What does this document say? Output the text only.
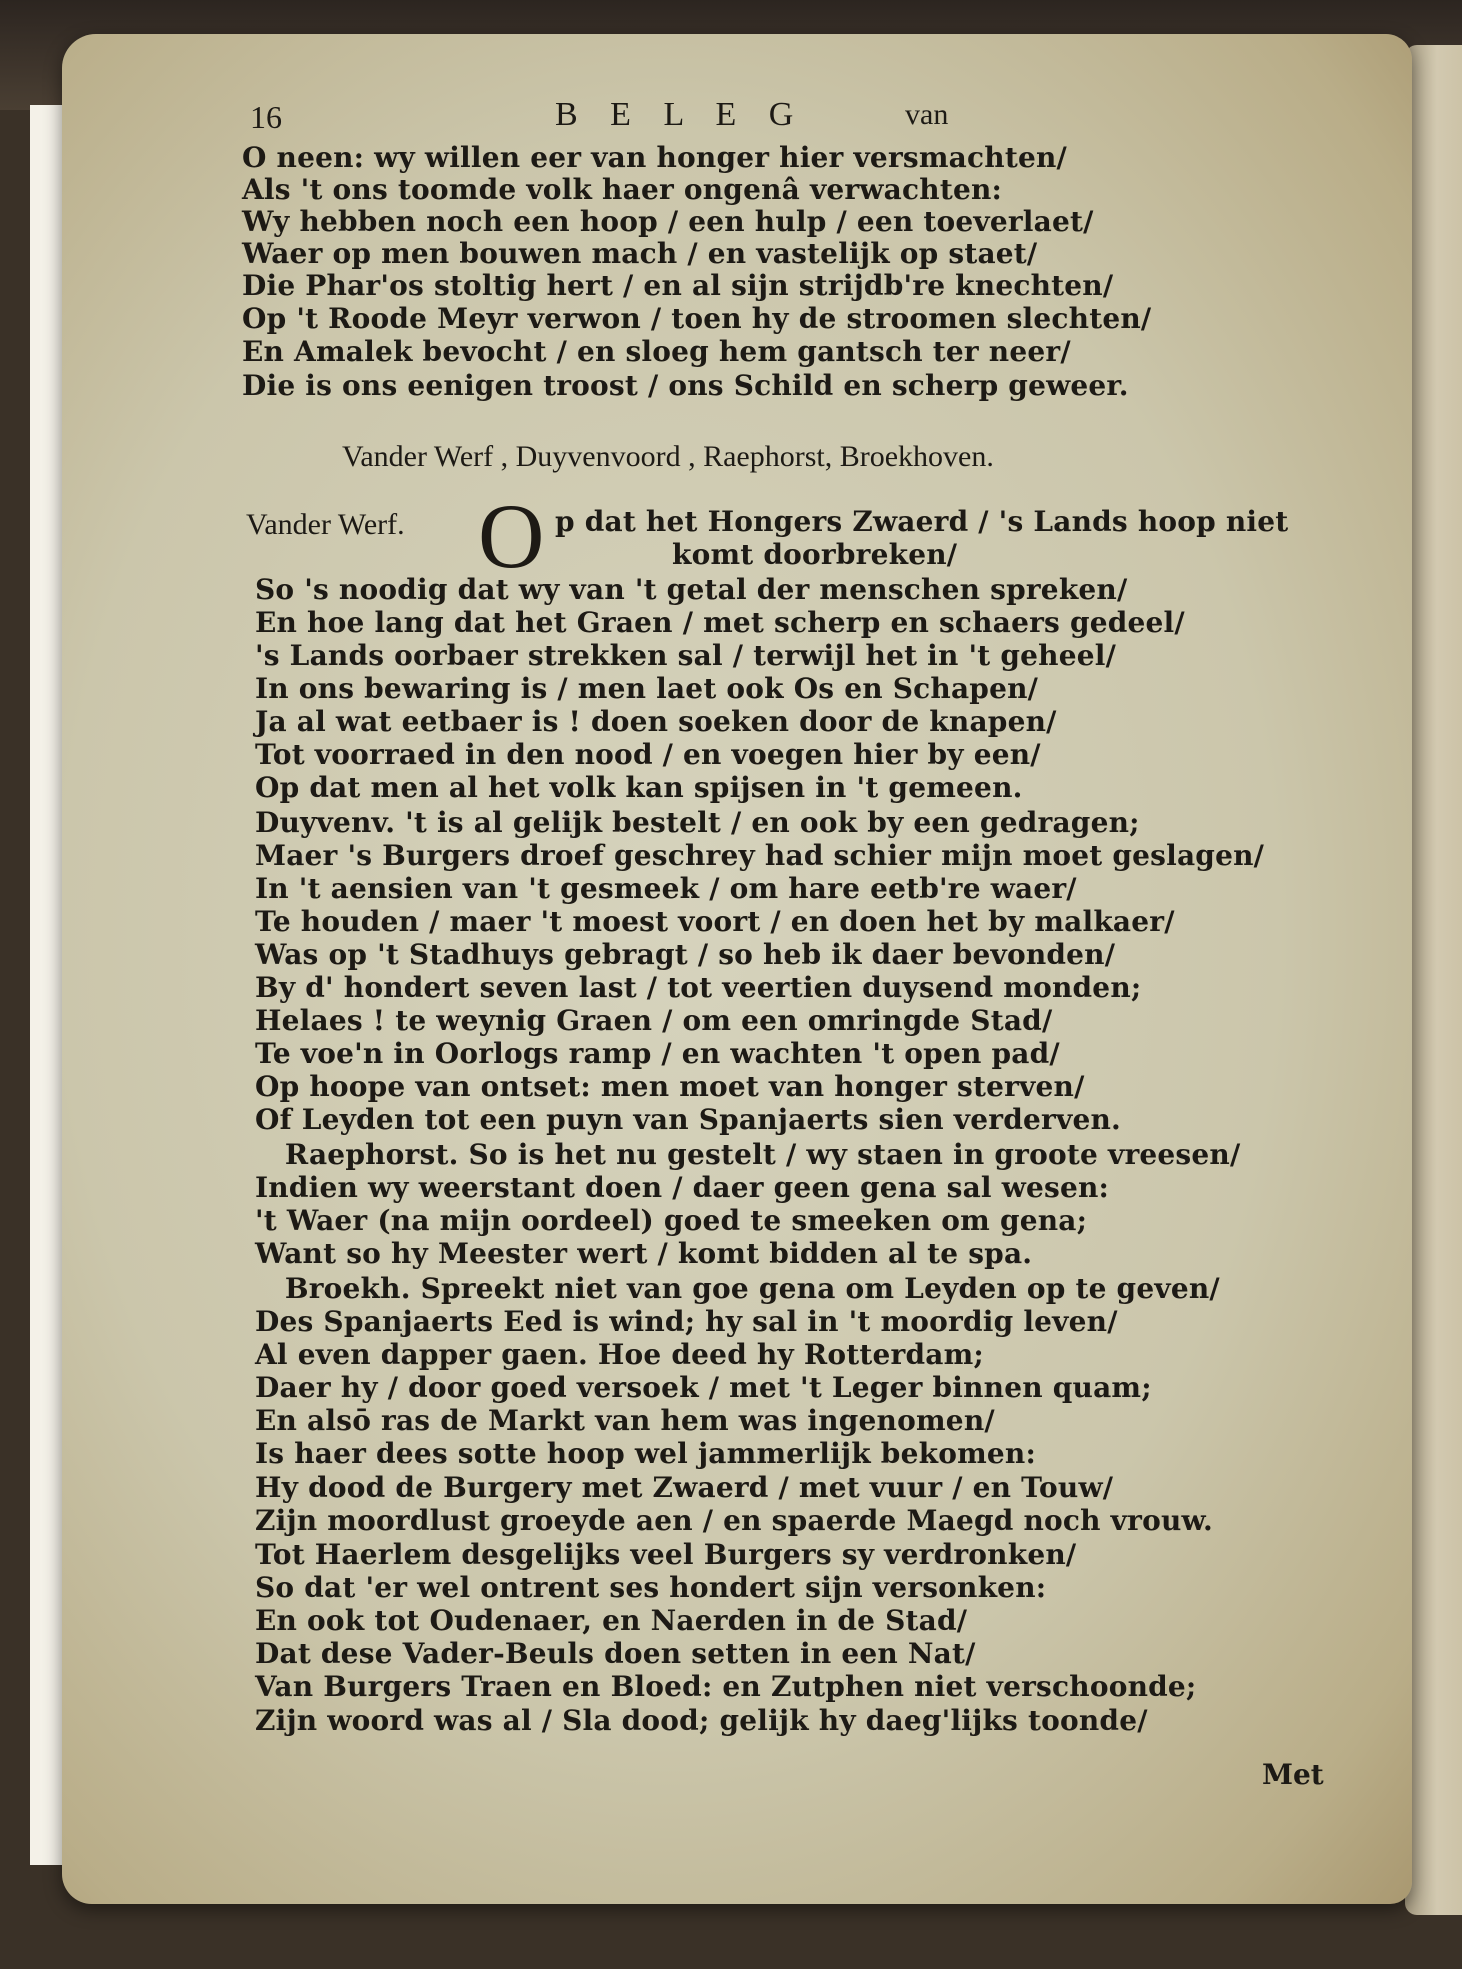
16	B E L E G	van
O neen: wy willen eer van honger hier versmachten/
Als 't ons toomde volk haer ongenâ verwachten:
Wy hebben noch een hoop / een hulp / een toeverlaet/
Waer op men bouwen mach / en vastelijk op staet/
Die Phar'os stoltig hert / en al sijn strijdb're knechten/
Op 't Roode Meyr verwon / toen hy de stroomen slechten/
En Amalek bevocht / en sloeg hem gantsch ter neer/
Die is ons eenigen troost / ons Schild en scherp geweer.
Vander Werf , Duyvenvoord , Raephorst, Broekhoven.
Vander Werf. O p dat het Hongers Zwaerd / 's Lands hoop niet
komt doorbreken/
So 's noodig dat wy van 't getal der menschen spreken/
En hoe lang dat het Graen / met scherp en schaers gedeel/
's Lands oorbaer strekken sal / terwijl het in 't geheel/
In ons bewaring is / men laet ook Os en Schapen/
Ja al wat eetbaer is ! doen soeken door de knapen/
Tot voorraed in den nood / en voegen hier by een/
Op dat men al het volk kan spijsen in 't gemeen.
Duyvenv. 't is al gelijk bestelt / en ook by een gedragen;
Maer 's Burgers droef geschrey had schier mijn moet geslagen/
In 't aensien van 't gesmeek / om hare eetb're waer/
Te houden / maer 't moest voort / en doen het by malkaer/
Was op 't Stadhuys gebragt / so heb ik daer bevonden/
By d' hondert seven last / tot veertien duysend monden;
Helaes ! te weynig Graen / om een omringde Stad/
Te voe'n in Oorlogs ramp / en wachten 't open pad/
Op hoope van ontset: men moet van honger sterven/
Of Leyden tot een puyn van Spanjaerts sien verderven.
Raephorst. So is het nu gestelt / wy staen in groote vreesen/
Indien wy weerstant doen / daer geen gena sal wesen:
't Waer (na mijn oordeel) goed te smeeken om gena;
Want so hy Meester wert / komt bidden al te spa.
Broekh. Spreekt niet van goe gena om Leyden op te geven/
Des Spanjaerts Eed is wind; hy sal in 't moordig leven/
Al even dapper gaen. Hoe deed hy Rotterdam;
Daer hy / door goed versoek / met 't Leger binnen quam;
En alsō ras de Markt van hem was ingenomen/
Is haer dees sotte hoop wel jammerlijk bekomen:
Hy dood de Burgery met Zwaerd / met vuur / en Touw/
Zijn moordlust groeyde aen / en spaerde Maegd noch vrouw.
Tot Haerlem desgelijks veel Burgers sy verdronken/
So dat 'er wel ontrent ses hondert sijn versonken:
En ook tot Oudenaer, en Naerden in de Stad/
Dat dese Vader-Beuls doen setten in een Nat/
Van Burgers Traen en Bloed: en Zutphen niet verschoonde;
Zijn woord was al / Sla dood; gelijk hy daeg'lijks toonde/
Met
